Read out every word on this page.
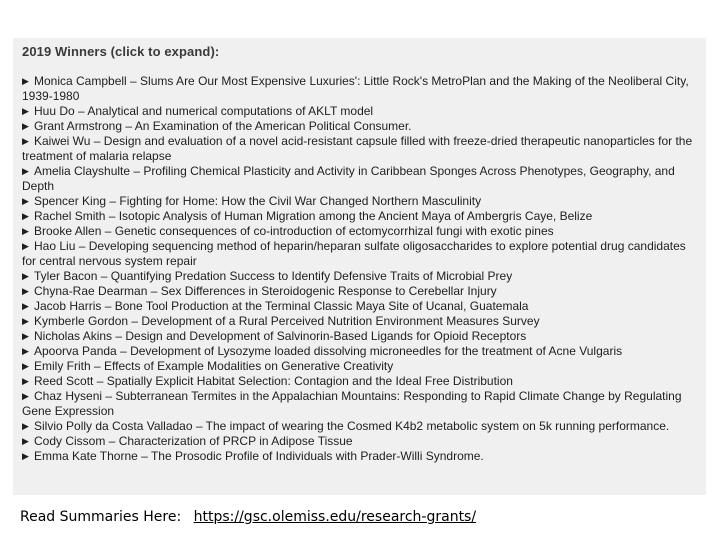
2019 Winners (click to expand):
▶ Monica Campbell – Slums Are Our Most Expensive Luxuries': Little Rock's MetroPlan and the Making of the Neoliberal City, 1939-1980
▶ Huu Do – Analytical and numerical computations of AKLT model
▶ Grant Armstrong – An Examination of the American Political Consumer.
▶ Kaiwei Wu – Design and evaluation of a novel acid-resistant capsule filled with freeze-dried therapeutic nanoparticles for the treatment of malaria relapse
▶ Amelia Clayshulte – Profiling Chemical Plasticity and Activity in Caribbean Sponges Across Phenotypes, Geography, and Depth
▶ Spencer King – Fighting for Home: How the Civil War Changed Northern Masculinity
▶ Rachel Smith – Isotopic Analysis of Human Migration among the Ancient Maya of Ambergris Caye, Belize
▶ Brooke Allen – Genetic consequences of co-introduction of ectomycorrhizal fungi with exotic pines
▶ Hao Liu – Developing sequencing method of heparin/heparan sulfate oligosaccharides to explore potential drug candidates for central nervous system repair
▶ Tyler Bacon – Quantifying Predation Success to Identify Defensive Traits of Microbial Prey
▶ Chyna-Rae Dearman – Sex Differences in Steroidogenic Response to Cerebellar Injury
▶ Jacob Harris – Bone Tool Production at the Terminal Classic Maya Site of Ucanal, Guatemala
▶ Kymberle Gordon – Development of a Rural Perceived Nutrition Environment Measures Survey
▶ Nicholas Akins – Design and Development of Salvinorin-Based Ligands for Opioid Receptors
▶ Apoorva Panda – Development of Lysozyme loaded dissolving microneedles for the treatment of Acne Vulgaris
▶ Emily Frith – Effects of Example Modalities on Generative Creativity
▶ Reed Scott – Spatially Explicit Habitat Selection: Contagion and the Ideal Free Distribution
▶ Chaz Hyseni – Subterranean Termites in the Appalachian Mountains: Responding to Rapid Climate Change by Regulating Gene Expression
▶ Silvio Polly da Costa Valladao – The impact of wearing the Cosmed K4b2 metabolic system on 5k running performance.
▶ Cody Cissom – Characterization of PRCP in Adipose Tissue
▶ Emma Kate Thorne – The Prosodic Profile of Individuals with Prader-Willi Syndrome.
Read Summaries Here: https://gsc.olemiss.edu/research-grants/
